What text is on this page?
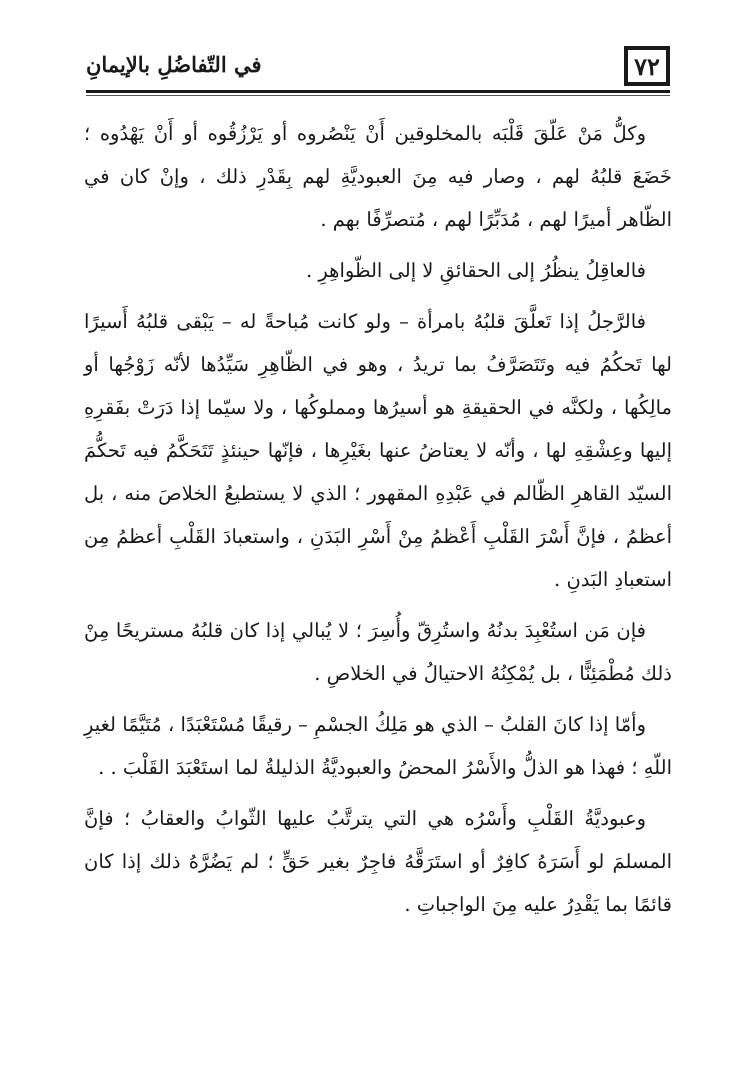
٧٢
في التّفاضُلِ بالإيمانِ

وكلُّ مَنْ عَلّقَ قَلْبَه بالمخلوقين أَنْ يَنْصُروه أو يَرْزُقُوه أو أَنْ يَهْدُوه ؛ خَضَعَ قلبُهُ لهم ، وصار فيه مِنَ العبوديَّةِ لهم بِقَدْرِ ذلك ، وإنْ كان في الظّاهر أميرًا لهم ، مُدَبِّرًا لهم ، مُتصرِّفًا بهم .

فالعاقِلُ ينظُرُ إلى الحقائقِ لا إلى الظّواهِرِ .

فالرَّجلُ إذا تَعلَّقَ قلبُهُ بامرأة – ولو كانت مُباحةً له – يَبْقى قلبُهُ أَسيرًا لها تَحكُمُ فيه وتَتَصَرَّفُ بما تريدُ ، وهو في الظّاهِرِ سَيِّدُها لأنّه زَوْجُها أو مالِكُها ، ولكنَّه في الحقيقةِ هو أسيرُها ومملوكُها ، ولا سيّما إذا دَرَتْ بفَقرِهِ إليها وعِشْقِهِ لها ، وأنّه لا يعتاضُ عنها بغَيْرِها ، فإنّها حينئذٍ تَتَحَكَّمُ فيه تَحكُّمَ السيّد القاهرِ الظّالم في عَبْدِهِ المقهور ؛ الذي لا يستطيعُ الخلاصَ منه ، بل أعظمُ ، فإنَّ أَسْرَ القَلْبِ أَعْظمُ مِنْ أَسْرِ البَدَنِ ، واستعبادَ القَلْبِ أعظمُ مِن استعبادِ البَدنِ .

فإن مَن استُعْبِدَ بدنُهُ واستُرِقّ وأُسِرَ ؛ لا يُبالي إذا كان قلبُهُ مستريحًا مِنْ ذلك مُطْمَئِنًّا ، بل يُمْكِنُهُ الاحتيالُ في الخلاصِ .

وأمّا إذا كانَ القلبُ – الذي هو مَلِكُ الجسْمِ – رقيقًا مُسْتَعْبَدًا ، مُتَيَّمًا لغيرِ اللّهِ ؛ فهذا هو الذلُّ والأَسْرُ المحضُ والعبوديَّةُ الذليلةُ لما استَعْبَدَ القَلْبَ . .

وعبوديَّةُ القَلْبِ وأَسْرُه هي التي يترتَّبُ عليها الثّوابُ والعقابُ ؛ فإنَّ المسلمَ لو أَسَرَهُ كافِرٌ أو استَرَقَّهُ فاجِرٌ بغير حَقٍّ ؛ لم يَضُرَّهُ ذلك إذا كان قائمًا بما يَقْدِرُ عليه مِنَ الواجباتِ .
